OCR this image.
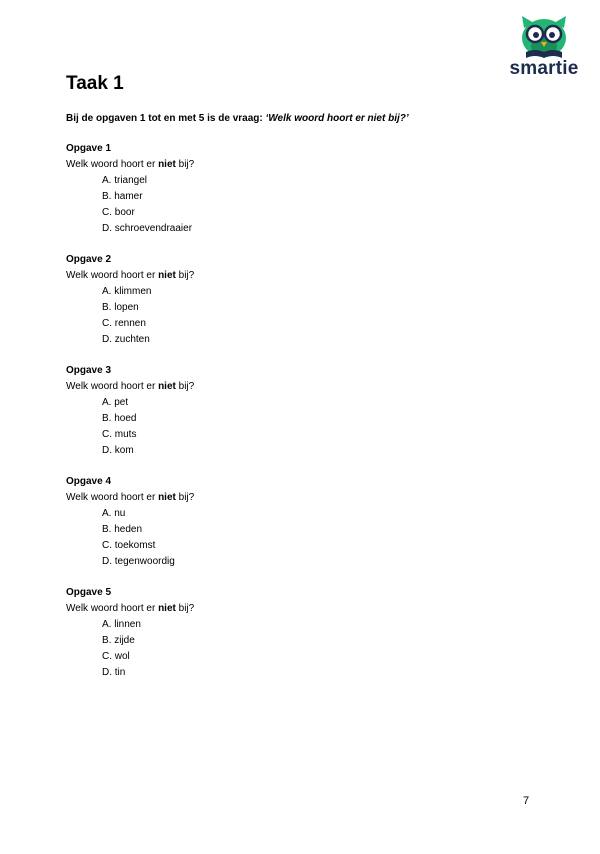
smartie
Taak 1
Bij de opgaven 1 tot en met 5 is de vraag: ‘Welk woord hoort er niet bij?’
Opgave 1
Welk woord hoort er niet bij?
A. triangel
B. hamer
C. boor
D. schroevendraaier
Opgave 2
Welk woord hoort er niet bij?
A. klimmen
B. lopen
C. rennen
D. zuchten
Opgave 3
Welk woord hoort er niet bij?
A. pet
B. hoed
C. muts
D. kom
Opgave 4
Welk woord hoort er niet bij?
A. nu
B. heden
C. toekomst
D. tegenwoordig
Opgave 5
Welk woord hoort er niet bij?
A. linnen
B. zijde
C. wol
D. tin
7
